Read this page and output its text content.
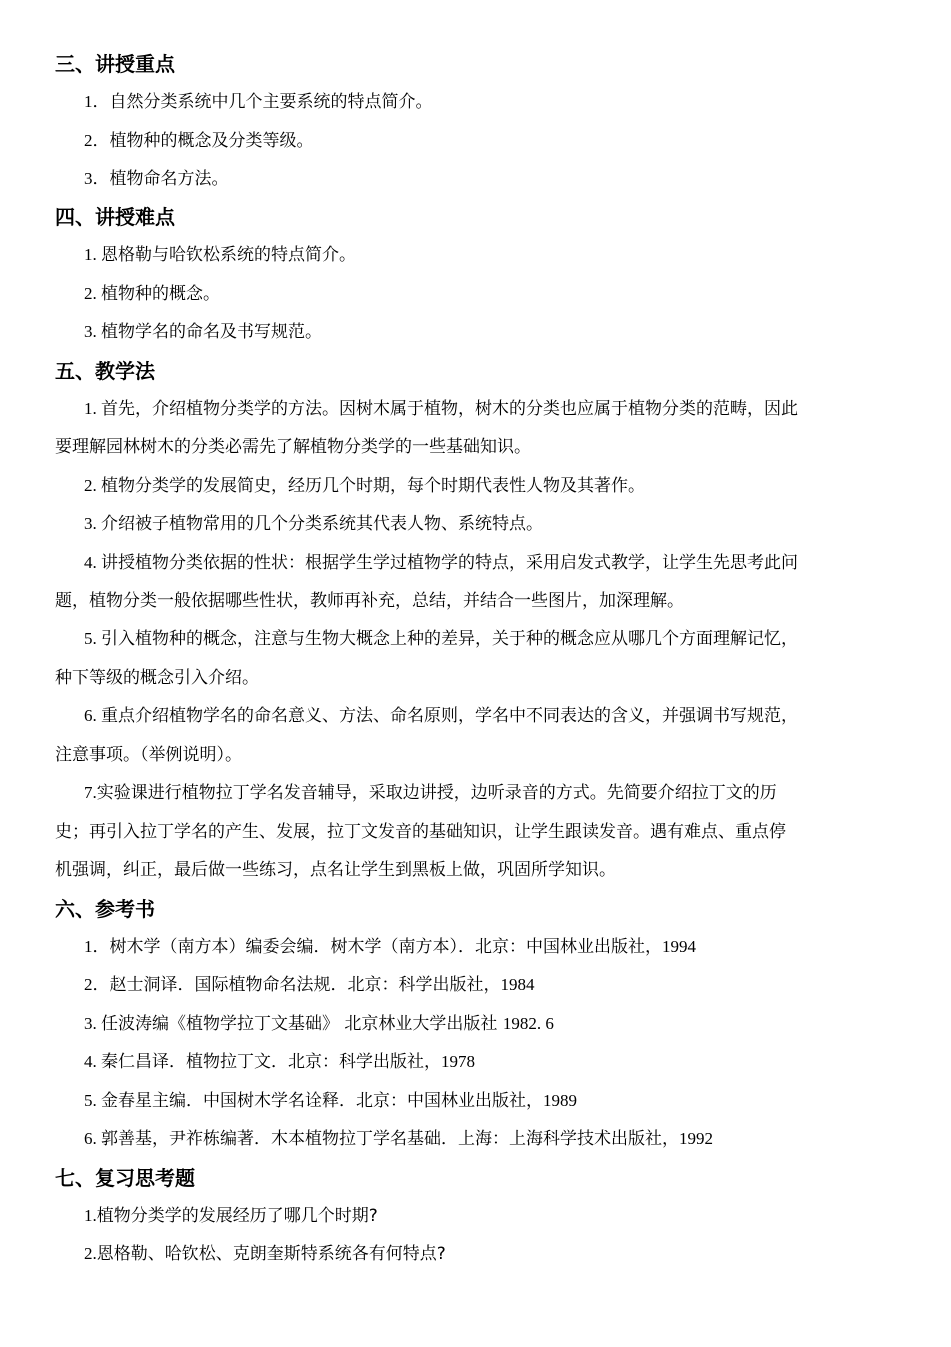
三、讲授重点
1．自然分类系统中几个主要系统的特点简介。
2．植物种的概念及分类等级。
3．植物命名方法。
四、讲授难点
1. 恩格勒与哈钦松系统的特点简介。
2. 植物种的概念。
3. 植物学名的命名及书写规范。
五、教学法
1. 首先，介绍植物分类学的方法。因树木属于植物，树木的分类也应属于植物分类的范畴，因此
要理解园林树木的分类必需先了解植物分类学的一些基础知识。
2. 植物分类学的发展简史，经历几个时期，每个时期代表性人物及其著作。
3. 介绍被子植物常用的几个分类系统其代表人物、系统特点。
4. 讲授植物分类依据的性状：根据学生学过植物学的特点，采用启发式教学，让学生先思考此问
题，植物分类一般依据哪些性状，教师再补充，总结，并结合一些图片，加深理解。
5. 引入植物种的概念，注意与生物大概念上种的差异，关于种的概念应从哪几个方面理解记忆，
种下等级的概念引入介绍。
6. 重点介绍植物学名的命名意义、方法、命名原则，学名中不同表达的含义，并强调书写规范，
注意事项。（举例说明）。
7.实验课进行植物拉丁学名发音辅导，采取边讲授，边听录音的方式。先简要介绍拉丁文的历
史；再引入拉丁学名的产生、发展，拉丁文发音的基础知识，让学生跟读发音。遇有难点、重点停
机强调，纠正，最后做一些练习，点名让学生到黑板上做，巩固所学知识。
六、参考书
1．树木学（南方本）编委会编．树木学（南方本）．北京：中国林业出版社，1994
2．赵士洞译．国际植物命名法规．北京：科学出版社，1984
3. 任波涛编《植物学拉丁文基础》 北京林业大学出版社 1982. 6
4. 秦仁昌译．植物拉丁文．北京：科学出版社，1978
5. 金春星主编．中国树木学名诠释．北京：中国林业出版社，1989
6. 郭善基，尹祚栋编著．木本植物拉丁学名基础．上海：上海科学技术出版社，1992
七、复习思考题
1.植物分类学的发展经历了哪几个时期?
2.恩格勒、哈钦松、克朗奎斯特系统各有何特点?
